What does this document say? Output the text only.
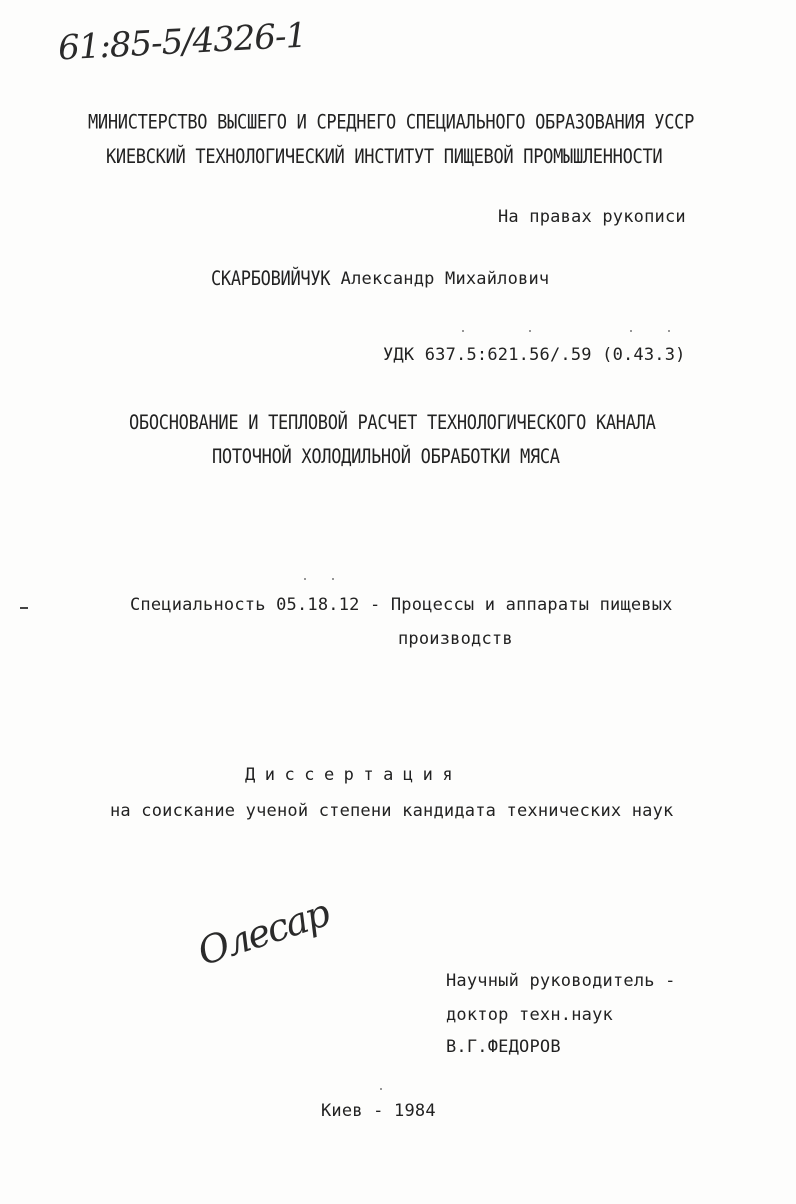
61:85-5/4326-1
МИНИСТЕРСТВО ВЫСШЕГО И СРЕДНЕГО СПЕЦИАЛЬНОГО ОБРАЗОВАНИЯ УССР
КИЕВСКИЙ ТЕХНОЛОГИЧЕСКИЙ ИНСТИТУТ ПИЩЕВОЙ ПРОМЫШЛЕННОСТИ
На правах рукописи
СКАРБОВИЙЧУК Александр Михайлович
УДК 637.5:621.56/.59 (0.43.3)
ОБОСНОВАНИЕ И ТЕПЛОВОЙ РАСЧЕТ ТЕХНОЛОГИЧЕСКОГО КАНАЛА
ПОТОЧНОЙ ХОЛОДИЛЬНОЙ ОБРАБОТКИ МЯСА
Специальность 05.18.12 - Процессы и аппараты пищевых
производств
Диссертация
на соискание ученой степени кандидата технических наук
Олесар
Научный руководитель -
доктор техн.наук
В.Г.ФЕДОРОВ
Киев - 1984
